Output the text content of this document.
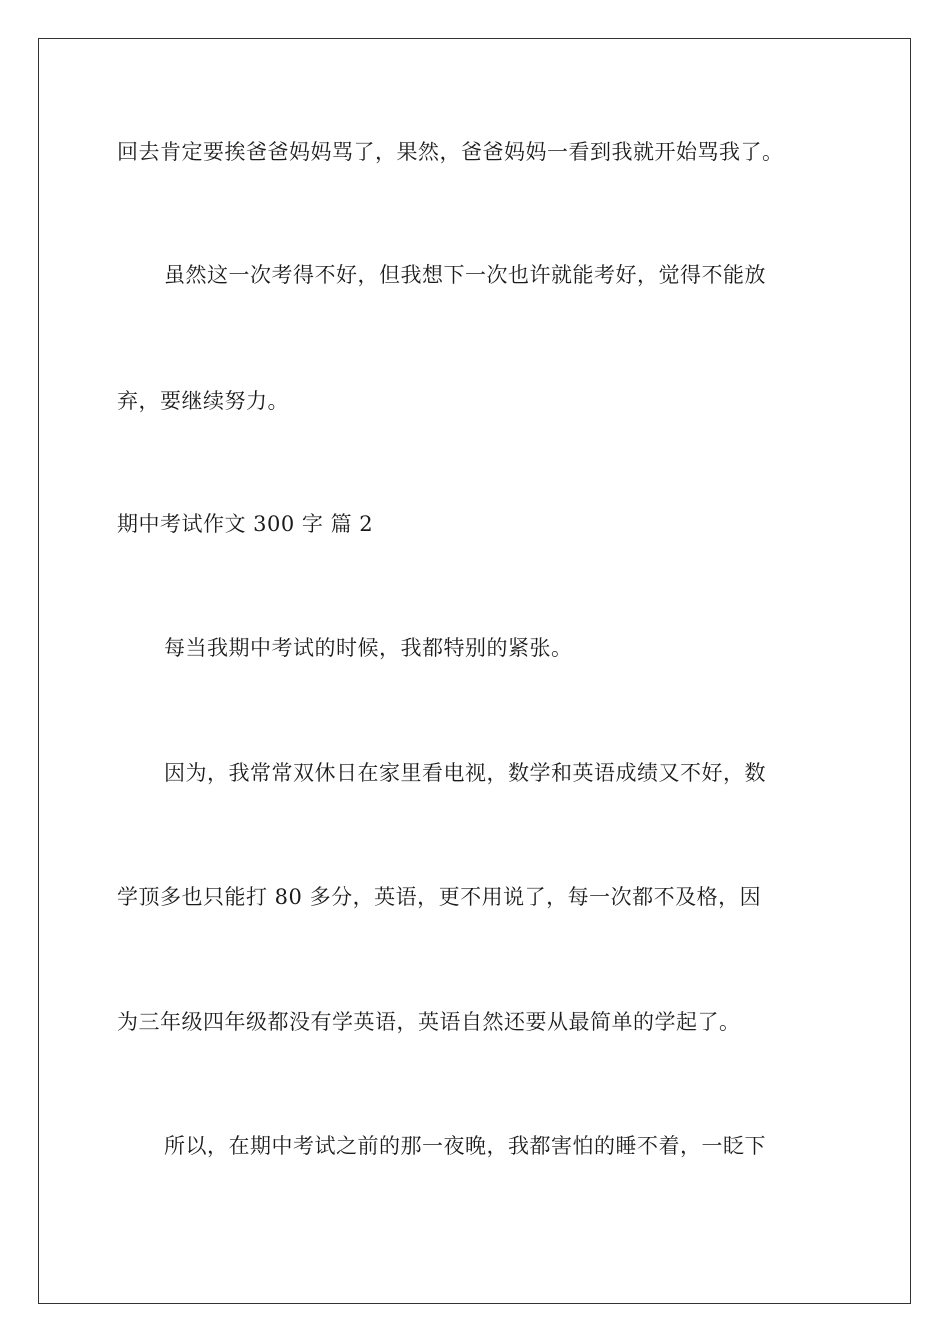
回去肯定要挨爸爸妈妈骂了，果然，爸爸妈妈一看到我就开始骂我了。
虽然这一次考得不好，但我想下一次也许就能考好，觉得不能放
弃，要继续努力。
期中考试作文 300 字 篇 2
每当我期中考试的时候，我都特别的紧张。
因为，我常常双休日在家里看电视，数学和英语成绩又不好，数
学顶多也只能打 80 多分，英语，更不用说了，每一次都不及格，因
为三年级四年级都没有学英语，英语自然还要从最简单的学起了。
所以，在期中考试之前的那一夜晚，我都害怕的睡不着，一眨下
